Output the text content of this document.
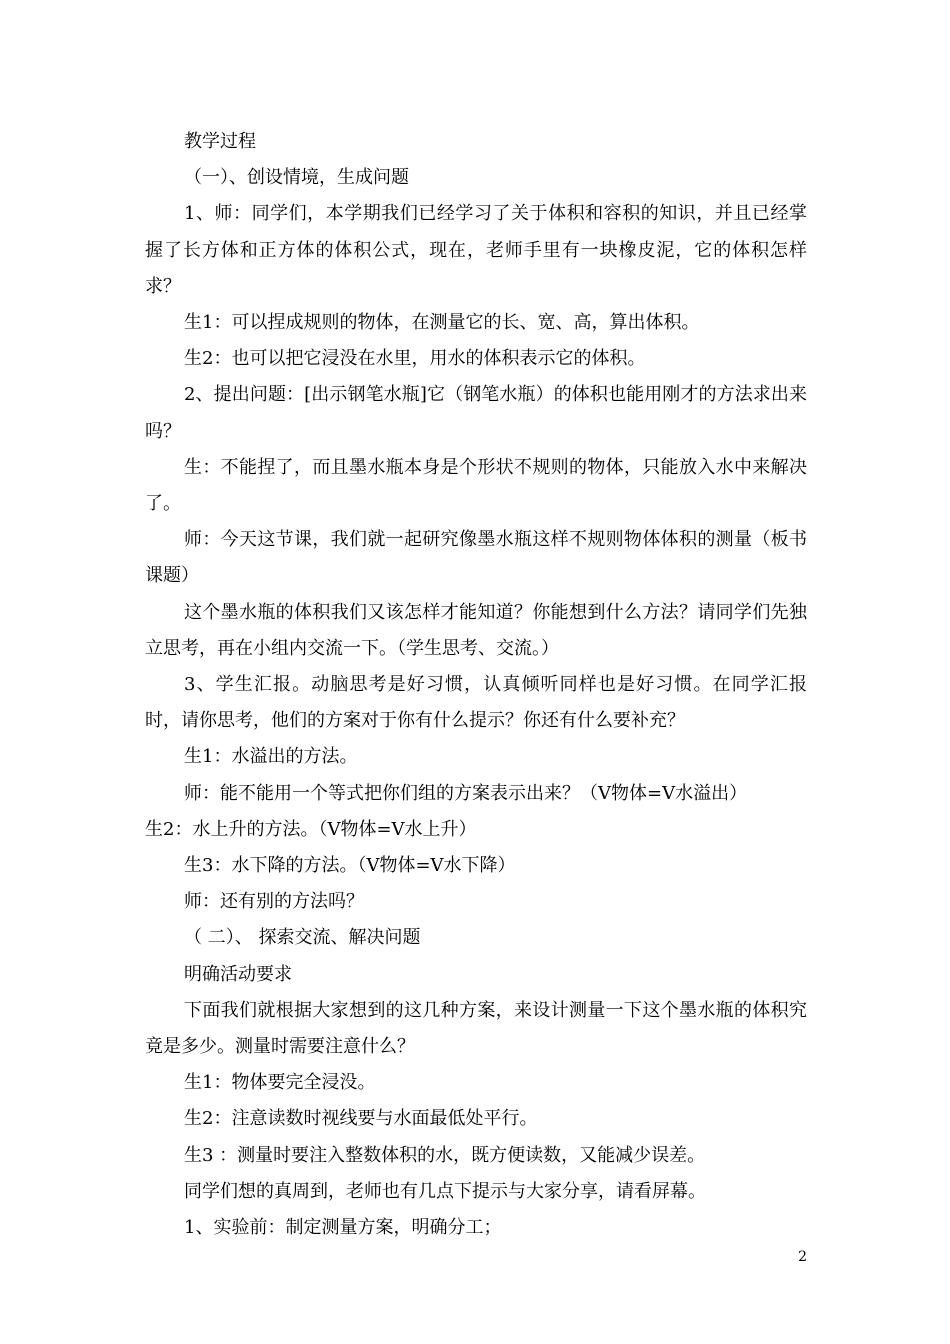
教学过程

（一）、创设情境，生成问题

1、师：同学们，本学期我们已经学习了关于体积和容积的知识，并且已经掌握了长方体和正方体的体积公式，现在，老师手里有一块橡皮泥，它的体积怎样求？

生1：可以捏成规则的物体，在测量它的长、宽、高，算出体积。

生2：也可以把它浸没在水里，用水的体积表示它的体积。

2、提出问题：[出示钢笔水瓶]它（钢笔水瓶）的体积也能用刚才的方法求出来吗？

生：不能捏了，而且墨水瓶本身是个形状不规则的物体，只能放入水中来解决了。

师：今天这节课，我们就一起研究像墨水瓶这样不规则物体体积的测量（板书课题）

这个墨水瓶的体积我们又该怎样才能知道？你能想到什么方法？请同学们先独立思考，再在小组内交流一下。（学生思考、交流。）

3、学生汇报。动脑思考是好习惯，认真倾听同样也是好习惯。在同学汇报时，请你思考，他们的方案对于你有什么提示？你还有什么要补充？

生1：水溢出的方法。

师：能不能用一个等式把你们组的方案表示出来？（V物体=V水溢出）

生2：水上升的方法。（V物体=V水上升）

生3：水下降的方法。（V物体=V水下降）

师：还有别的方法吗？

（ 二）、 探索交流、解决问题

明确活动要求

下面我们就根据大家想到的这几种方案，来设计测量一下这个墨水瓶的体积究竟是多少。测量时需要注意什么？

生1：物体要完全浸没。

生2：注意读数时视线要与水面最低处平行。

生3 ：测量时要注入整数体积的水，既方便读数，又能减少误差。

同学们想的真周到，老师也有几点下提示与大家分享，请看屏幕。

1、实验前：制定测量方案，明确分工；

2
